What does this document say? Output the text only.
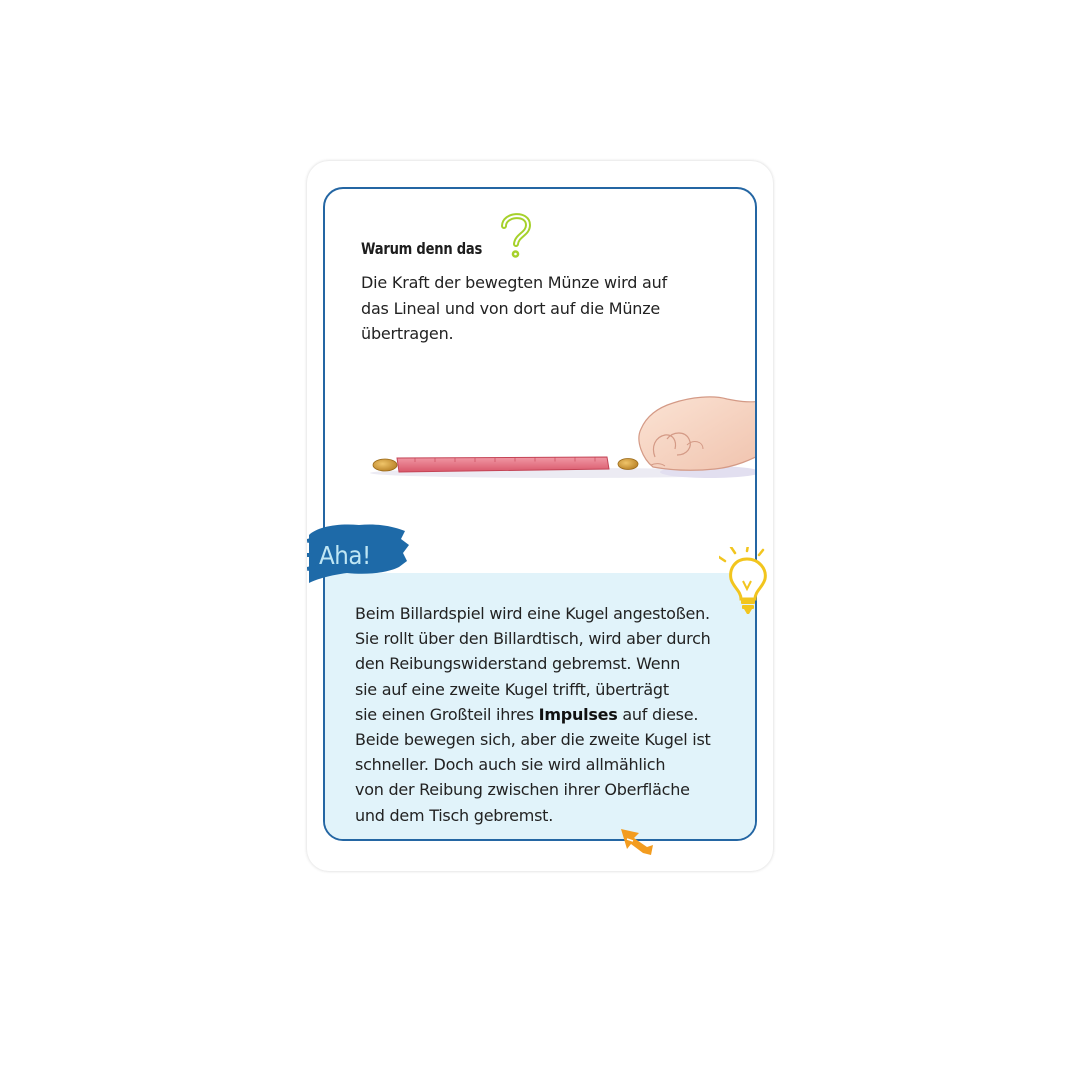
Warum denn das
Die Kraft der bewegten Münze wird auf
das Lineal und von dort auf die Münze
übertragen.
Aha!
Beim Billardspiel wird eine Kugel angestoßen.
Sie rollt über den Billardtisch, wird aber durch
den Reibungswiderstand gebremst. Wenn
sie auf eine zweite Kugel trifft, überträgt
sie einen Großteil ihres Impulses auf diese.
Beide bewegen sich, aber die zweite Kugel ist
schneller. Doch auch sie wird allmählich
von der Reibung zwischen ihrer Oberfläche
und dem Tisch gebremst.
